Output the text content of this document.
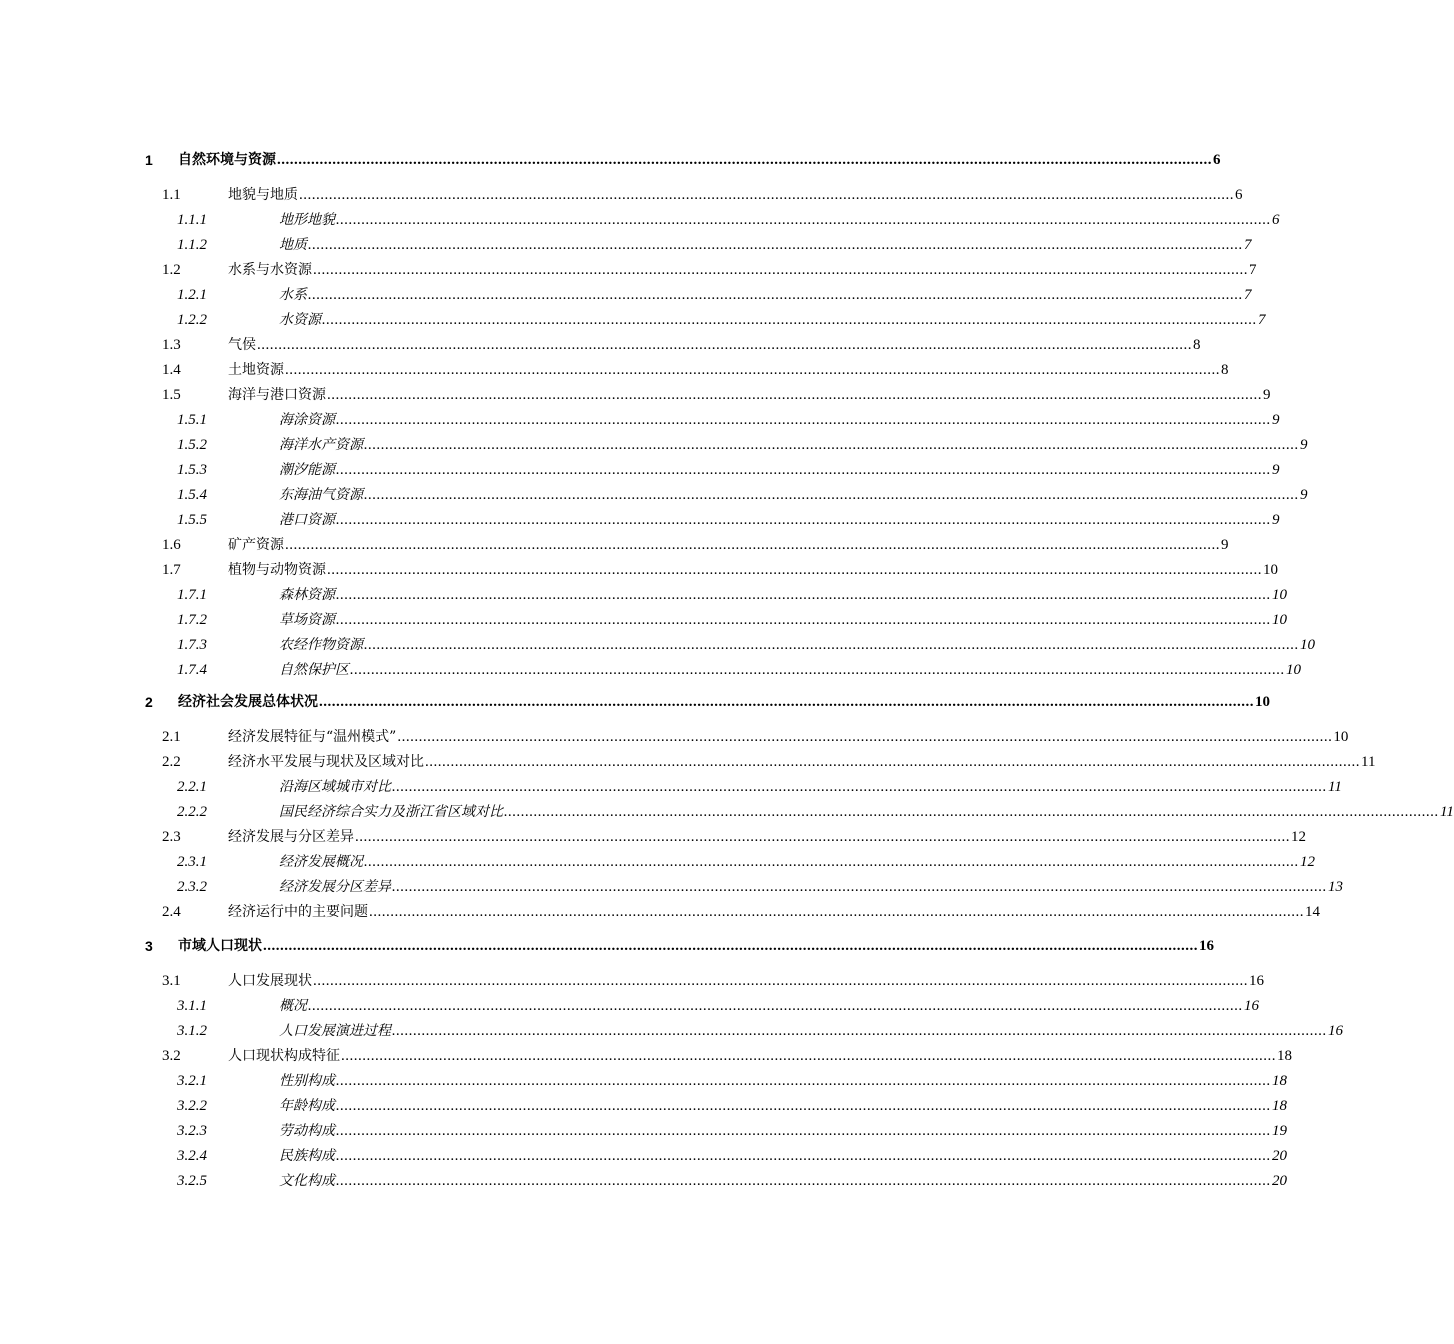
1 自然环境与资源 ............................................................................................................................................................................................................................ 6
1.1	地貌与地质 ............................................................................................................................................................................................................................ 6
1.1.1	地形地貌 ............................................................................................................................................................................................................................ 6
1.1.2	地质 ............................................................................................................................................................................................................................ 7
1.2	水系与水资源 ............................................................................................................................................................................................................................ 7
1.2.1	水系 ............................................................................................................................................................................................................................ 7
1.2.2	水资源 ............................................................................................................................................................................................................................ 7
1.3	气侯 ............................................................................................................................................................................................................................ 8
1.4	土地资源 ............................................................................................................................................................................................................................ 8
1.5	海洋与港口资源 ............................................................................................................................................................................................................................ 9
1.5.1	海涂资源 ............................................................................................................................................................................................................................ 9
1.5.2	海洋水产资源 ............................................................................................................................................................................................................................ 9
1.5.3	潮汐能源 ............................................................................................................................................................................................................................ 9
1.5.4	东海油气资源 ............................................................................................................................................................................................................................ 9
1.5.5	港口资源 ............................................................................................................................................................................................................................ 9
1.6	矿产资源 ............................................................................................................................................................................................................................ 9
1.7	植物与动物资源 ............................................................................................................................................................................................................................ 10
1.7.1	森林资源 ............................................................................................................................................................................................................................ 10
1.7.2	草场资源 ............................................................................................................................................................................................................................ 10
1.7.3	农经作物资源 ............................................................................................................................................................................................................................ 10
1.7.4	自然保护区 ............................................................................................................................................................................................................................ 10
2 经济社会发展总体状况 ............................................................................................................................................................................................................................ 10
2.1	经济发展特征与“温州模式” ............................................................................................................................................................................................................................ 10
2.2	经济水平发展与现状及区域对比 ............................................................................................................................................................................................................................ 11
2.2.1	沿海区域城市对比 ............................................................................................................................................................................................................................ 11
2.2.2	国民经济综合实力及浙江省区域对比 ............................................................................................................................................................................................................................ 11
2.3	经济发展与分区差异 ............................................................................................................................................................................................................................ 12
2.3.1	经济发展概况 ............................................................................................................................................................................................................................ 12
2.3.2	经济发展分区差异 ............................................................................................................................................................................................................................ 13
2.4	经济运行中的主要问题 ............................................................................................................................................................................................................................ 14
3 市域人口现状 ............................................................................................................................................................................................................................ 16
3.1	人口发展现状 ............................................................................................................................................................................................................................ 16
3.1.1	概况 ............................................................................................................................................................................................................................ 16
3.1.2	人口发展演进过程 ............................................................................................................................................................................................................................ 16
3.2	人口现状构成特征 ............................................................................................................................................................................................................................ 18
3.2.1	性别构成 ............................................................................................................................................................................................................................ 18
3.2.2	年龄构成 ............................................................................................................................................................................................................................ 18
3.2.3	劳动构成 ............................................................................................................................................................................................................................ 19
3.2.4	民族构成 ............................................................................................................................................................................................................................ 20
3.2.5	文化构成 ............................................................................................................................................................................................................................ 20
